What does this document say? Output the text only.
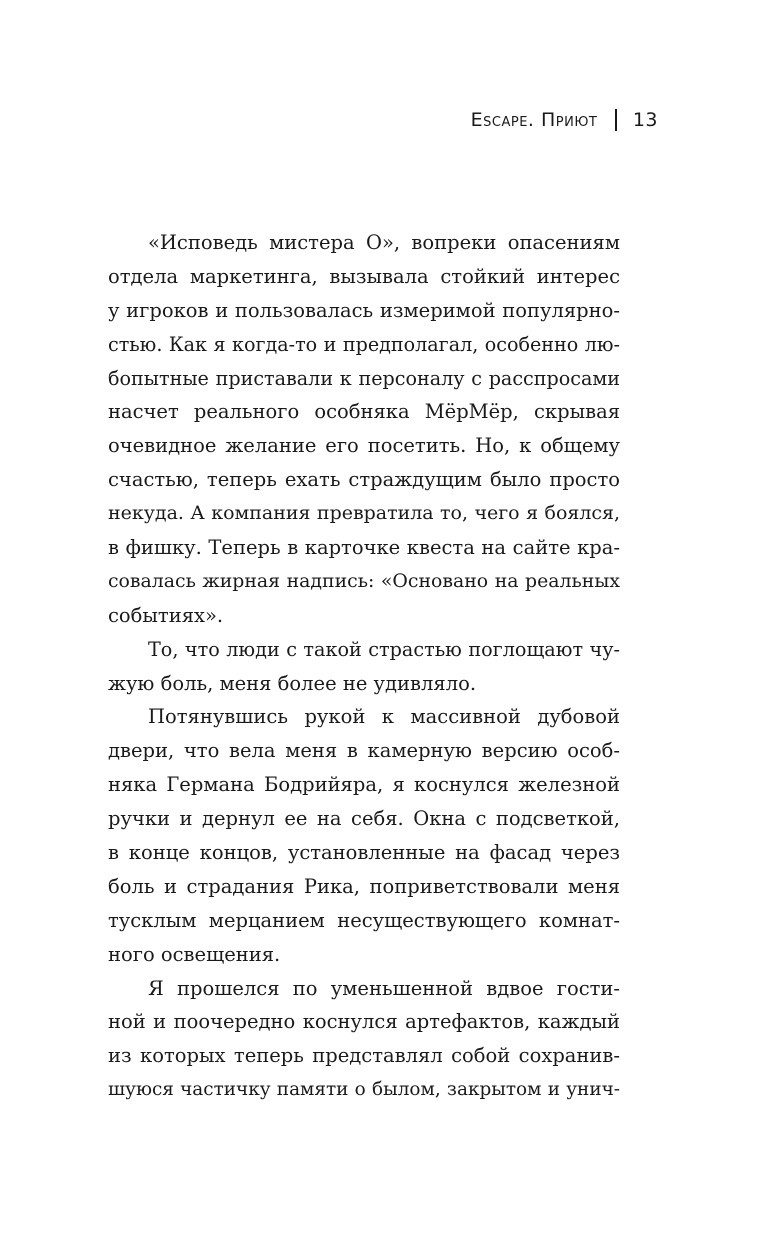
Escape. Приют 13
«Исповедь мистера О», вопреки опасениям
отдела маркетинга, вызывала стойкий интерес
у игроков и пользовалась измеримой популярно-
стью. Как я когда-то и предполагал, особенно лю-
бопытные приставали к персоналу с расспросами
насчет реального особняка МёрМёр, скрывая
очевидное желание его посетить. Но, к общему
счастью, теперь ехать страждущим было просто
некуда. А компания превратила то, чего я боялся,
в фишку. Теперь в карточке квеста на сайте кра-
совалась жирная надпись: «Основано на реальных
событиях».
То, что люди с такой страстью поглощают чу-
жую боль, меня более не удивляло.
Потянувшись рукой к массивной дубовой
двери, что вела меня в камерную версию особ-
няка Германа Бодрийяра, я коснулся железной
ручки и дернул ее на себя. Окна с подсветкой,
в конце концов, установленные на фасад через
боль и страдания Рика, поприветствовали меня
тусклым мерцанием несуществующего комнат-
ного освещения.
Я прошелся по уменьшенной вдвое гости-
ной и поочередно коснулся артефактов, каждый
из которых теперь представлял собой сохранив-
шуюся частичку памяти о былом, закрытом и унич-
